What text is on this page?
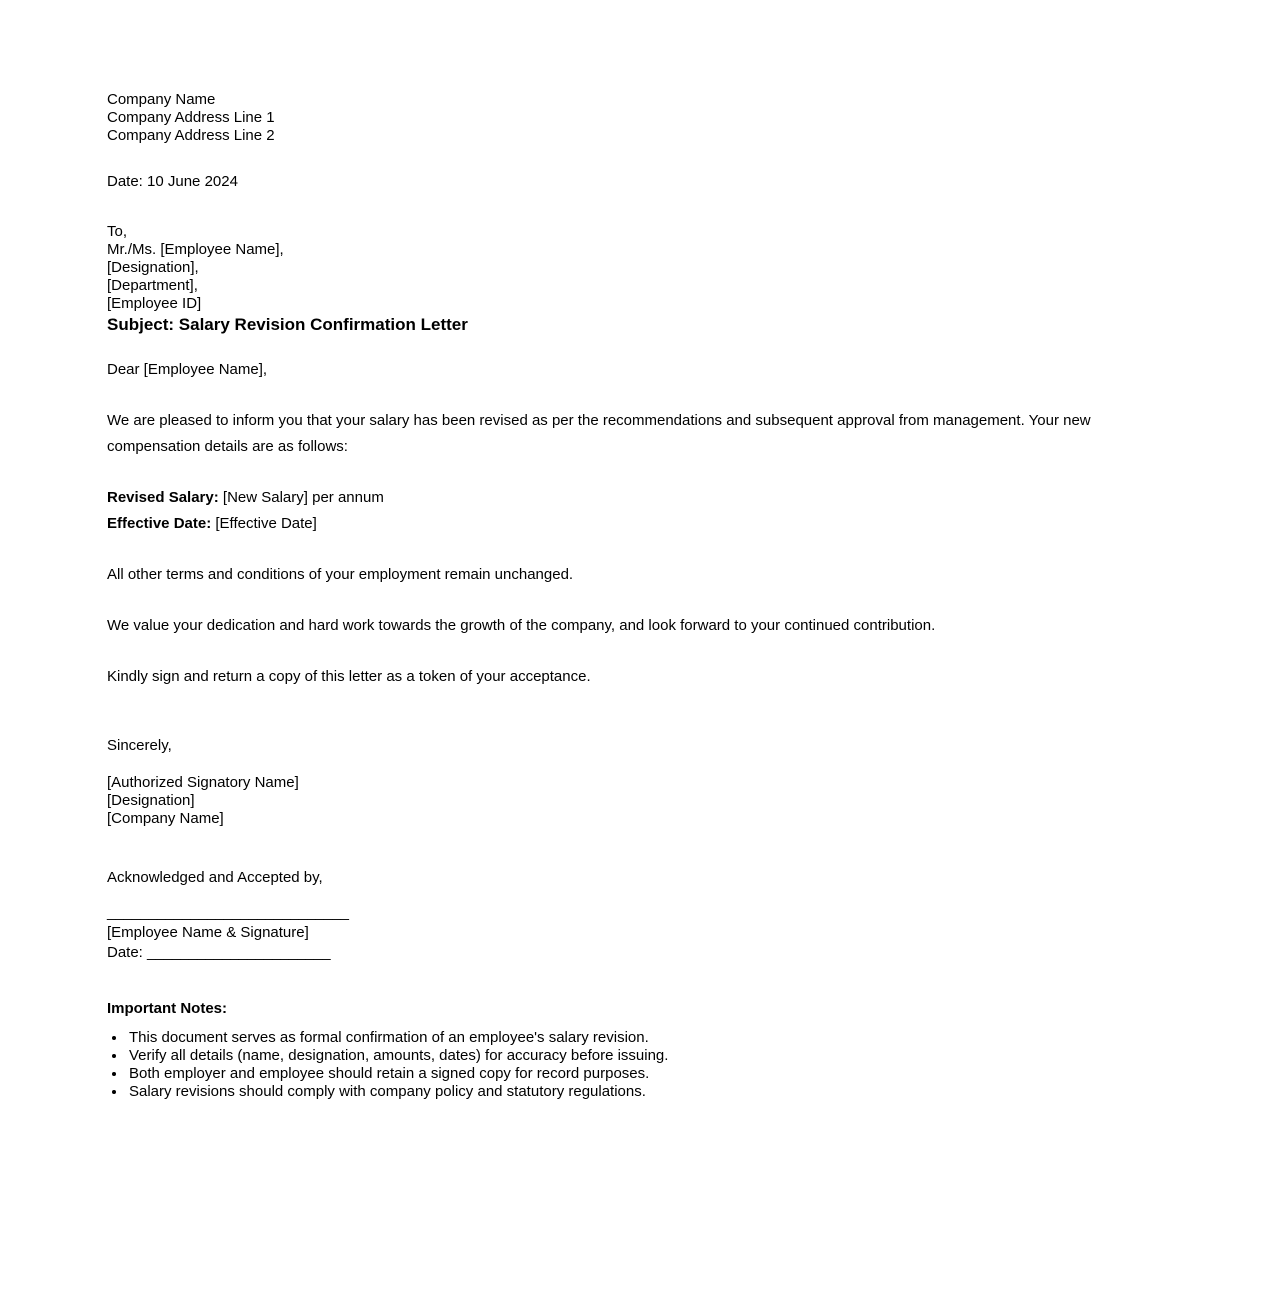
Company Name
Company Address Line 1
Company Address Line 2
Date: 10 June 2024
To,
Mr./Ms. [Employee Name],
[Designation],
[Department],
[Employee ID]
Subject: Salary Revision Confirmation Letter
Dear [Employee Name],
We are pleased to inform you that your salary has been revised as per the recommendations and subsequent approval from management. Your new compensation details are as follows:
Revised Salary: [New Salary] per annum
Effective Date: [Effective Date]
All other terms and conditions of your employment remain unchanged.
We value your dedication and hard work towards the growth of the company, and look forward to your continued contribution.
Kindly sign and return a copy of this letter as a token of your acceptance.
Sincerely,
[Authorized Signatory Name]
[Designation]
[Company Name]
Acknowledged and Accepted by,
_____________________________
[Employee Name & Signature]
Date: ______________________
Important Notes:
• This document serves as formal confirmation of an employee's salary revision.
• Verify all details (name, designation, amounts, dates) for accuracy before issuing.
• Both employer and employee should retain a signed copy for record purposes.
• Salary revisions should comply with company policy and statutory regulations.
